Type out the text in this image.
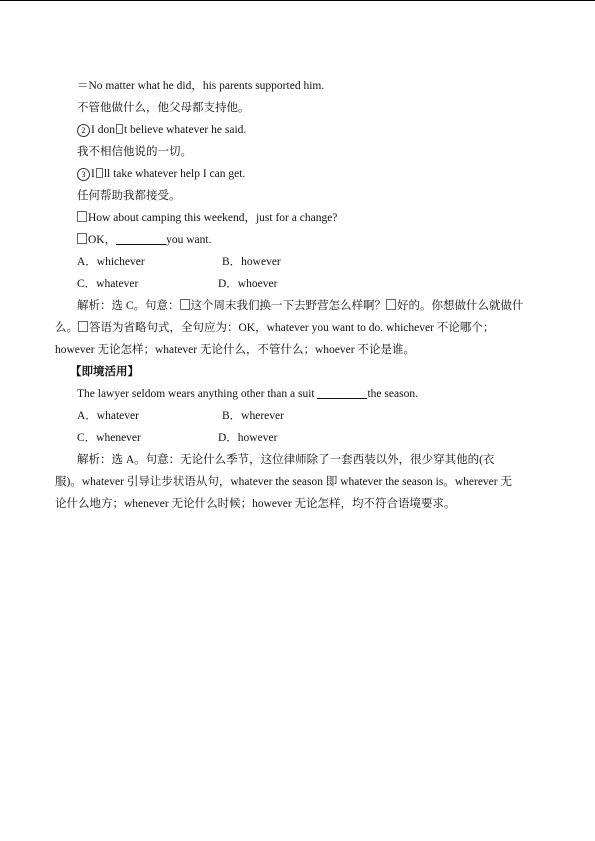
＝No matter what he did，his parents supported him.
不管他做什么，他父母都支持他。
2 I don t believe whatever he said.
我不相信他说的一切。
3 I ll take whatever help I can get.
任何帮助我都接受。
How about camping this weekend，just for a change?
OK，	you want.
A．whichever	B．however
C．whatever	D．whoever
解析：选 C。句意： 这个周末我们换一下去野营怎么样啊？ 好的。你想做什么就做什
么。 答语为省略句式，全句应为：OK，whatever you want to do. whichever 不论哪个；
however 无论怎样；whatever 无论什么，不管什么；whoever 不论是谁。
【即境活用】
The lawyer seldom wears anything other than a suit	the season.
A．whatever	B．wherever
C．whenever	D．however
解析：选 A。句意：无论什么季节，这位律师除了一套西装以外，很少穿其他的(衣
服)。whatever 引导让步状语从句，whatever the season 即 whatever the season is。wherever 无
论什么地方；whenever 无论什么时候；however 无论怎样，均不符合语境要求。
